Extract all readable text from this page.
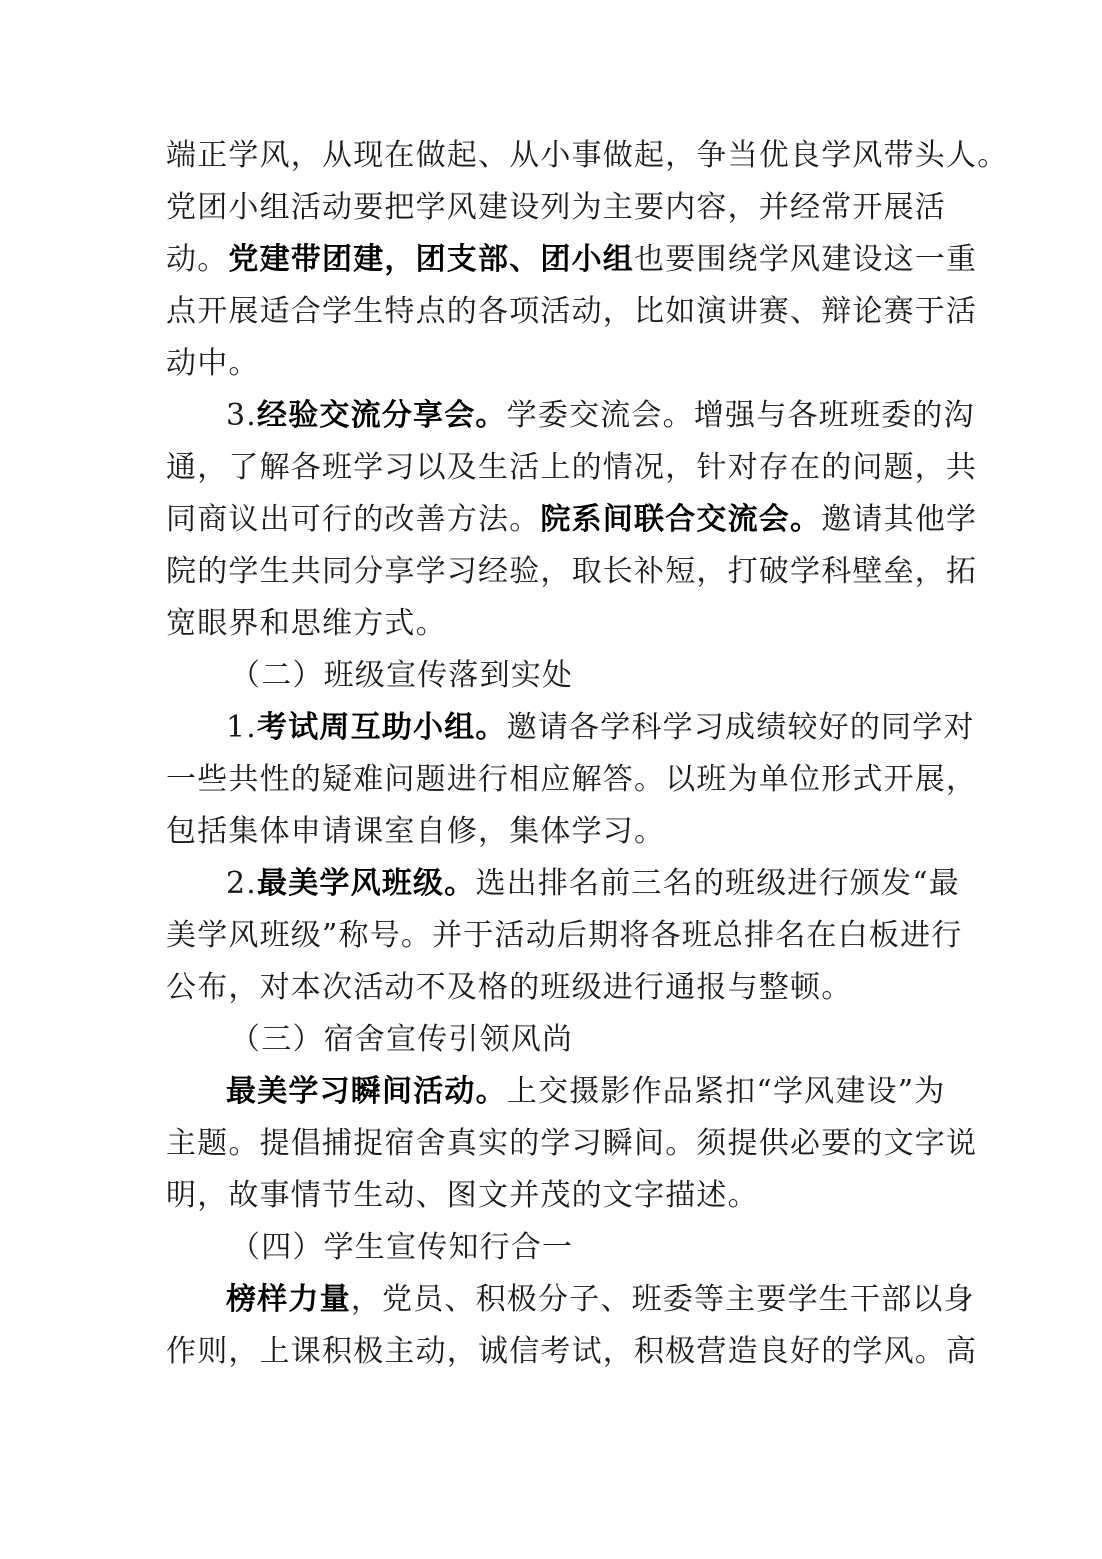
端正学风，从现在做起、从小事做起，争当优良学风带头人。
党团小组活动要把学风建设列为主要内容，并经常开展活
动。党建带团建，团支部、团小组也要围绕学风建设这一重
点开展适合学生特点的各项活动，比如演讲赛、辩论赛于活
动中。
3.经验交流分享会。学委交流会。增强与各班班委的沟
通，了解各班学习以及生活上的情况，针对存在的问题，共
同商议出可行的改善方法。院系间联合交流会。邀请其他学
院的学生共同分享学习经验，取长补短，打破学科壁垒，拓
宽眼界和思维方式。
（二）班级宣传落到实处
1.考试周互助小组。邀请各学科学习成绩较好的同学对
一些共性的疑难问题进行相应解答。以班为单位形式开展，
包括集体申请课室自修，集体学习。
2.最美学风班级。选出排名前三名的班级进行颁发“最
美学风班级”称号。并于活动后期将各班总排名在白板进行
公布，对本次活动不及格的班级进行通报与整顿。
（三）宿舍宣传引领风尚
最美学习瞬间活动。上交摄影作品紧扣“学风建设”为
主题。提倡捕捉宿舍真实的学习瞬间。须提供必要的文字说
明，故事情节生动、图文并茂的文字描述。
（四）学生宣传知行合一
榜样力量，党员、积极分子、班委等主要学生干部以身
作则，上课积极主动，诚信考试，积极营造良好的学风。高
